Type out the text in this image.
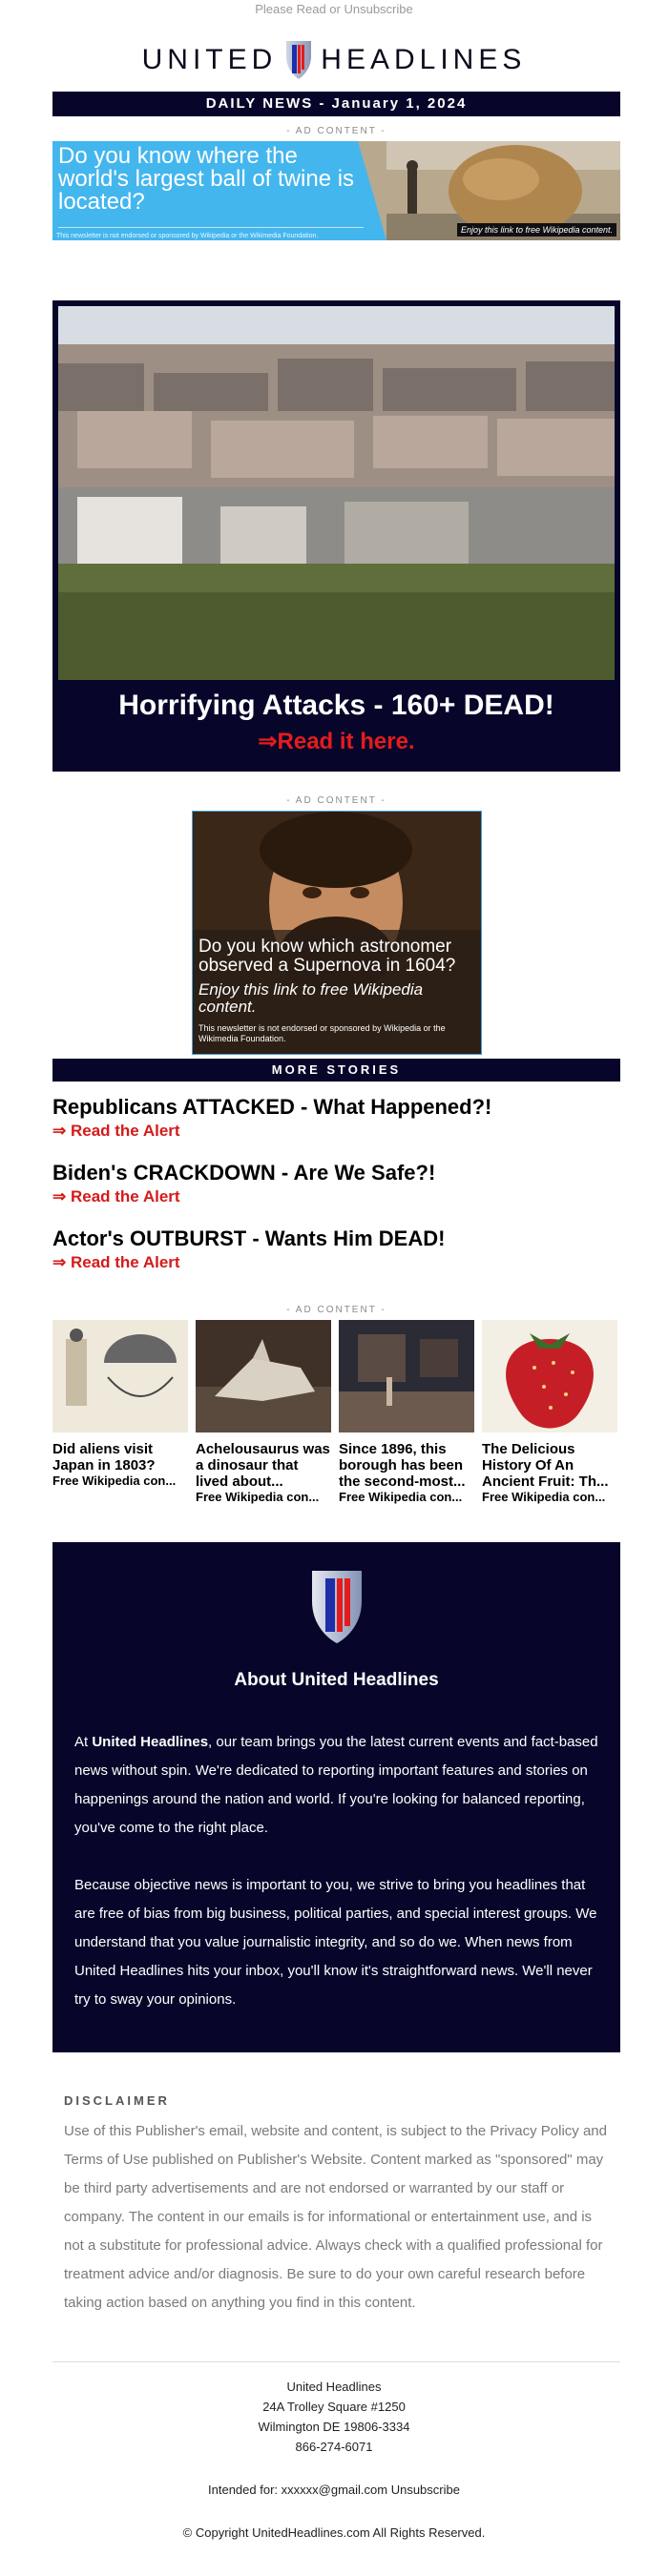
Please Read or Unsubscribe
UNITED HEADLINES
DAILY NEWS - January 1, 2024
- AD CONTENT -
Do you know where the world's largest ball of twine is located?
Enjoy this link to free Wikipedia content.
This newsletter is not endorsed or sponsored by Wikipedia or the Wikimedia Foundation.
Horrifying Attacks - 160+ DEAD!
⇒Read it here.
- AD CONTENT -
Do you know which astronomer observed a Supernova in 1604?
Enjoy this link to free Wikipedia content.
This newsletter is not endorsed or sponsored by Wikipedia or the Wikimedia Foundation.
MORE STORIES
Republicans ATTACKED - What Happened?!
⇒ Read the Alert
Biden's CRACKDOWN - Are We Safe?!
⇒ Read the Alert
Actor's OUTBURST - Wants Him DEAD!
⇒ Read the Alert
- AD CONTENT -
Did aliens visit Japan in 1803?
Free Wikipedia con...
Achelousaurus was a dinosaur that lived about...
Free Wikipedia con...
Since 1896, this borough has been the second-most...
Free Wikipedia con...
The Delicious History Of An Ancient Fruit: Th...
Free Wikipedia con...
About United Headlines

At United Headlines, our team brings you the latest current events and fact-based news without spin. We're dedicated to reporting important features and stories on happenings around the nation and world. If you're looking for balanced reporting, you've come to the right place.

Because objective news is important to you, we strive to bring you headlines that are free of bias from big business, political parties, and special interest groups. We understand that you value journalistic integrity, and so do we. When news from United Headlines hits your inbox, you'll know it's straightforward news. We'll never try to sway your opinions.

DISCLAIMER
Use of this Publisher's email, website and content, is subject to the Privacy Policy and Terms of Use published on Publisher's Website. Content marked as "sponsored" may be third party advertisements and are not endorsed or warranted by our staff or company. The content in our emails is for informational or entertainment use, and is not a substitute for professional advice. Always check with a qualified professional for treatment advice and/or diagnosis. Be sure to do your own careful research before taking action based on anything you find in this content.
United Headlines
24A Trolley Square #1250
Wilmington DE 19806-3334
866-274-6071
Intended for: xxxxxx@gmail.com Unsubscribe
© Copyright UnitedHeadlines.com All Rights Reserved.
